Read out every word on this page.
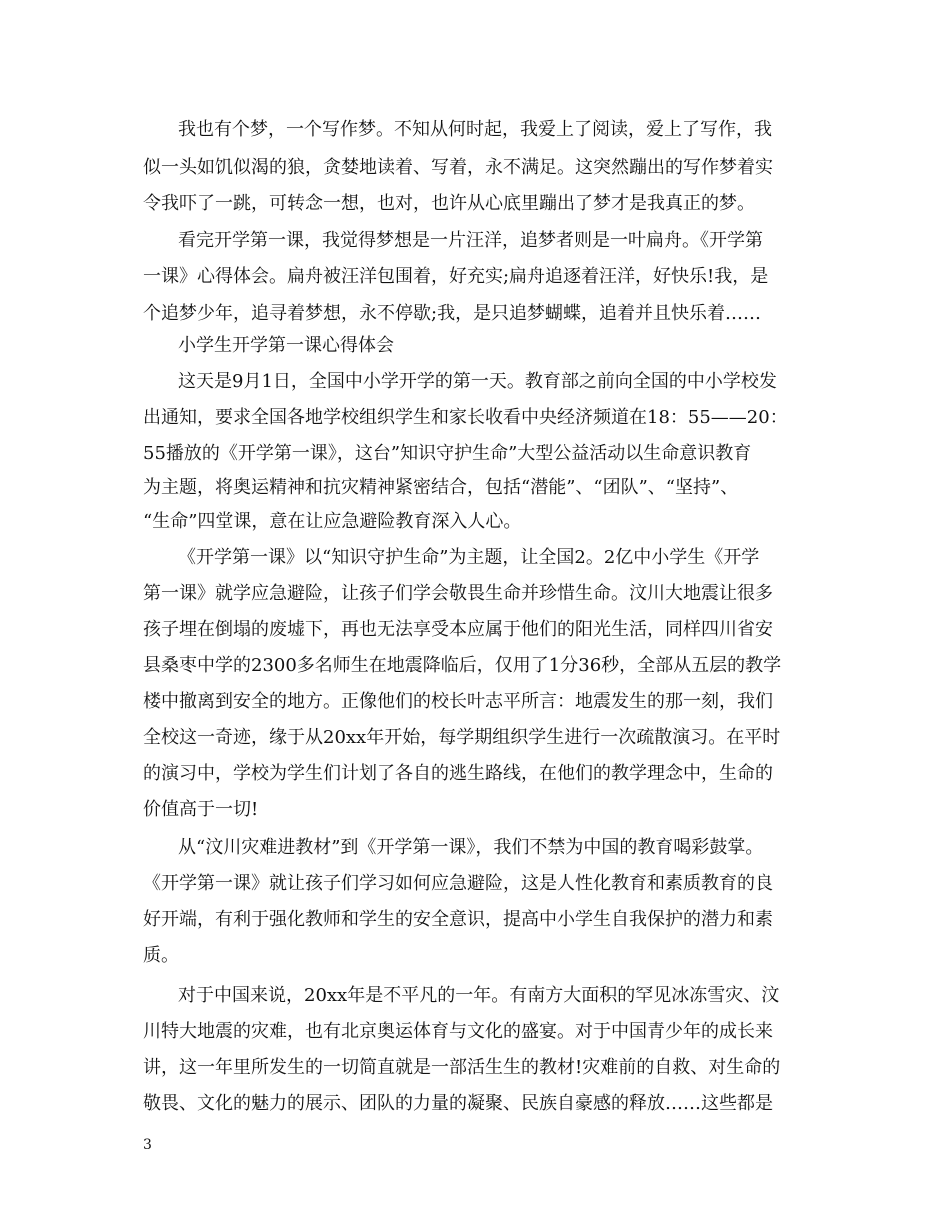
我也有个梦，一个写作梦。不知从何时起，我爱上了阅读，爱上了写作，我
似一头如饥似渴的狼，贪婪地读着、写着，永不满足。这突然蹦出的写作梦着实
令我吓了一跳，可转念一想，也对，也许从心底里蹦出了梦才是我真正的梦。
看完开学第一课，我觉得梦想是一片汪洋，追梦者则是一叶扁舟。《开学第
一课》心得体会。扁舟被汪洋包围着，好充实;扁舟追逐着汪洋，好快乐!我，是
个追梦少年，追寻着梦想，永不停歇;我，是只追梦蝴蝶，追着并且快乐着……
小学生开学第一课心得体会
这天是9月1日，全国中小学开学的第一天。教育部之前向全国的中小学校发
出通知，要求全国各地学校组织学生和家长收看中央经济频道在18：55——20：
55播放的《开学第一课》，这台”知识守护生命”大型公益活动以生命意识教育
为主题，将奥运精神和抗灾精神紧密结合，包括“潜能”、“团队”、“坚持”、
“生命”四堂课，意在让应急避险教育深入人心。
《开学第一课》以“知识守护生命”为主题，让全国2。2亿中小学生《开学
第一课》就学应急避险，让孩子们学会敬畏生命并珍惜生命。汶川大地震让很多
孩子埋在倒塌的废墟下，再也无法享受本应属于他们的阳光生活，同样四川省安
县桑枣中学的2300多名师生在地震降临后，仅用了1分36秒，全部从五层的教学
楼中撤离到安全的地方。正像他们的校长叶志平所言：地震发生的那一刻，我们
全校这一奇迹，缘于从20xx年开始，每学期组织学生进行一次疏散演习。在平时
的演习中，学校为学生们计划了各自的逃生路线，在他们的教学理念中，生命的
价值高于一切!
从“汶川灾难进教材”到《开学第一课》，我们不禁为中国的教育喝彩鼓掌。
《开学第一课》就让孩子们学习如何应急避险，这是人性化教育和素质教育的良
好开端，有利于强化教师和学生的安全意识，提高中小学生自我保护的潜力和素
质。
对于中国来说，20xx年是不平凡的一年。有南方大面积的罕见冰冻雪灾、汶
川特大地震的灾难，也有北京奥运体育与文化的盛宴。对于中国青少年的成长来
讲，这一年里所发生的一切简直就是一部活生生的教材!灾难前的自救、对生命的
敬畏、文化的魅力的展示、团队的力量的凝聚、民族自豪感的释放……这些都是
3
